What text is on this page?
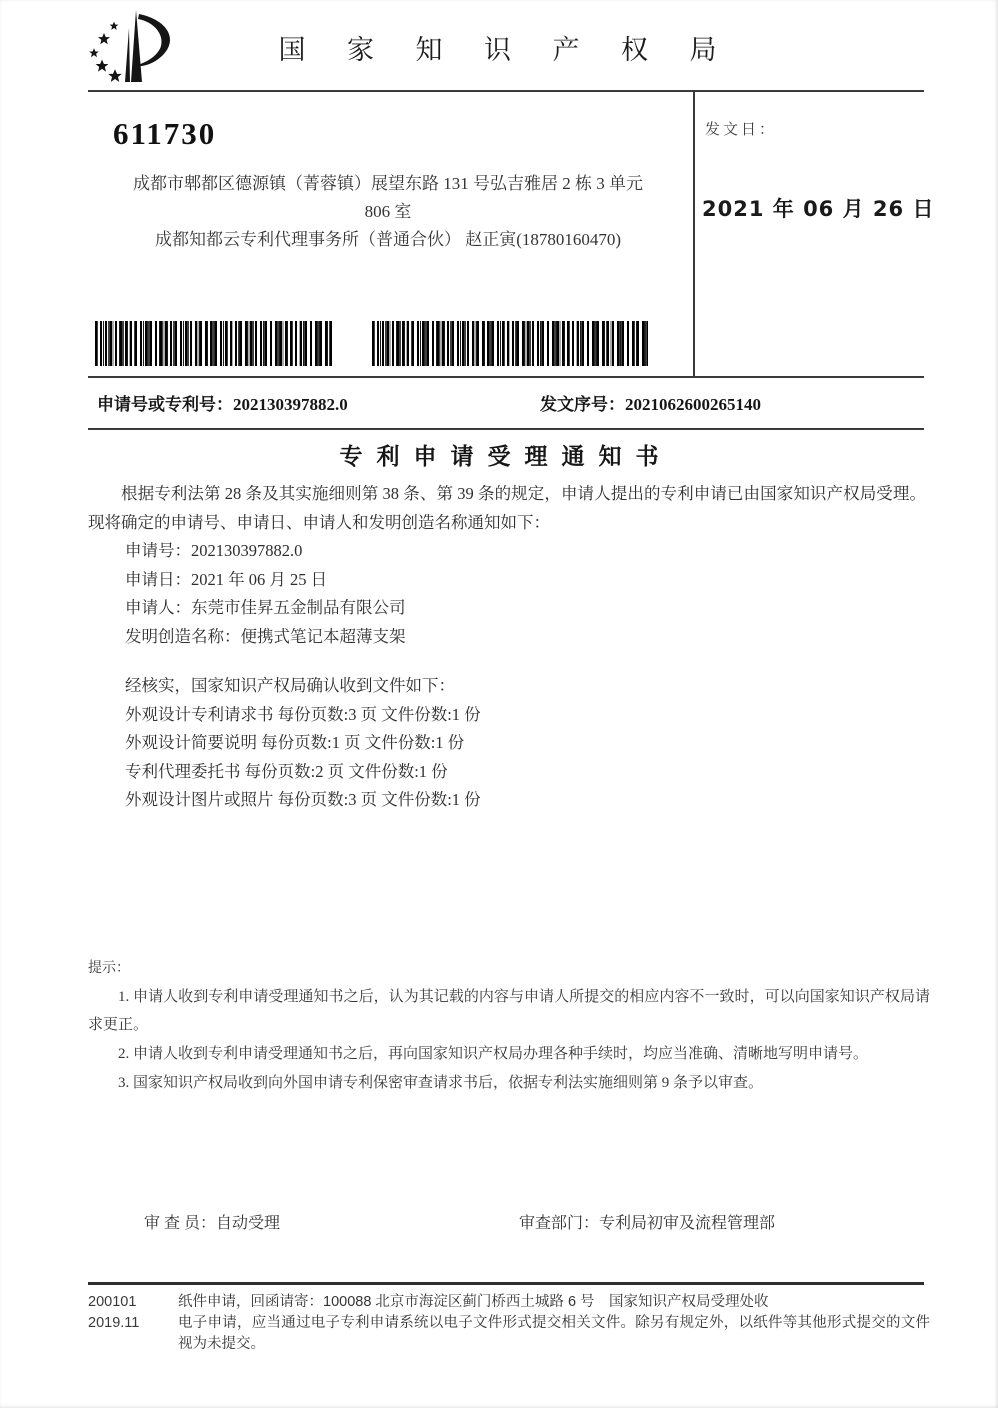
国 家 知 识 产 权 局
611730
成都市郫都区德源镇（菁蓉镇）展望东路 131 号弘吉雅居 2 栋 3 单元
806 室
成都知都云专利代理事务所（普通合伙） 赵正寅(18780160470)
发文日：
2021 年 06 月 26 日
申请号或专利号：202130397882.0	发文序号：2021062600265140
专利申请受理通知书

根据专利法第 28 条及其实施细则第 38 条、第 39 条的规定，申请人提出的专利申请已由国家知识产权局受理。现将确定的申请号、申请日、申请人和发明创造名称通知如下：

申请号：202130397882.0
申请日：2021 年 06 月 25 日
申请人：东莞市佳昇五金制品有限公司
发明创造名称：便携式笔记本超薄支架
经核实，国家知识产权局确认收到文件如下：
外观设计专利请求书 每份页数:3 页 文件份数:1 份
外观设计简要说明 每份页数:1 页 文件份数:1 份
专利代理委托书 每份页数:2 页 文件份数:1 份
外观设计图片或照片 每份页数:3 页 文件份数:1 份

提示：

1. 申请人收到专利申请受理通知书之后，认为其记载的内容与申请人所提交的相应内容不一致时，可以向国家知识产权局请求更正。

2. 申请人收到专利申请受理通知书之后，再向国家知识产权局办理各种手续时，均应当准确、清晰地写明申请号。

3. 国家知识产权局收到向外国申请专利保密审查请求书后，依据专利法实施细则第 9 条予以审查。

审 查 员：自动受理	审查部门：专利局初审及流程管理部
200101	纸件申请，回函请寄：100088 北京市海淀区蓟门桥西土城路 6 号　国家知识产权局受理处收
2019.11	电子申请，应当通过电子专利申请系统以电子文件形式提交相关文件。除另有规定外，以纸件等其他形式提交的文件视为未提交。
